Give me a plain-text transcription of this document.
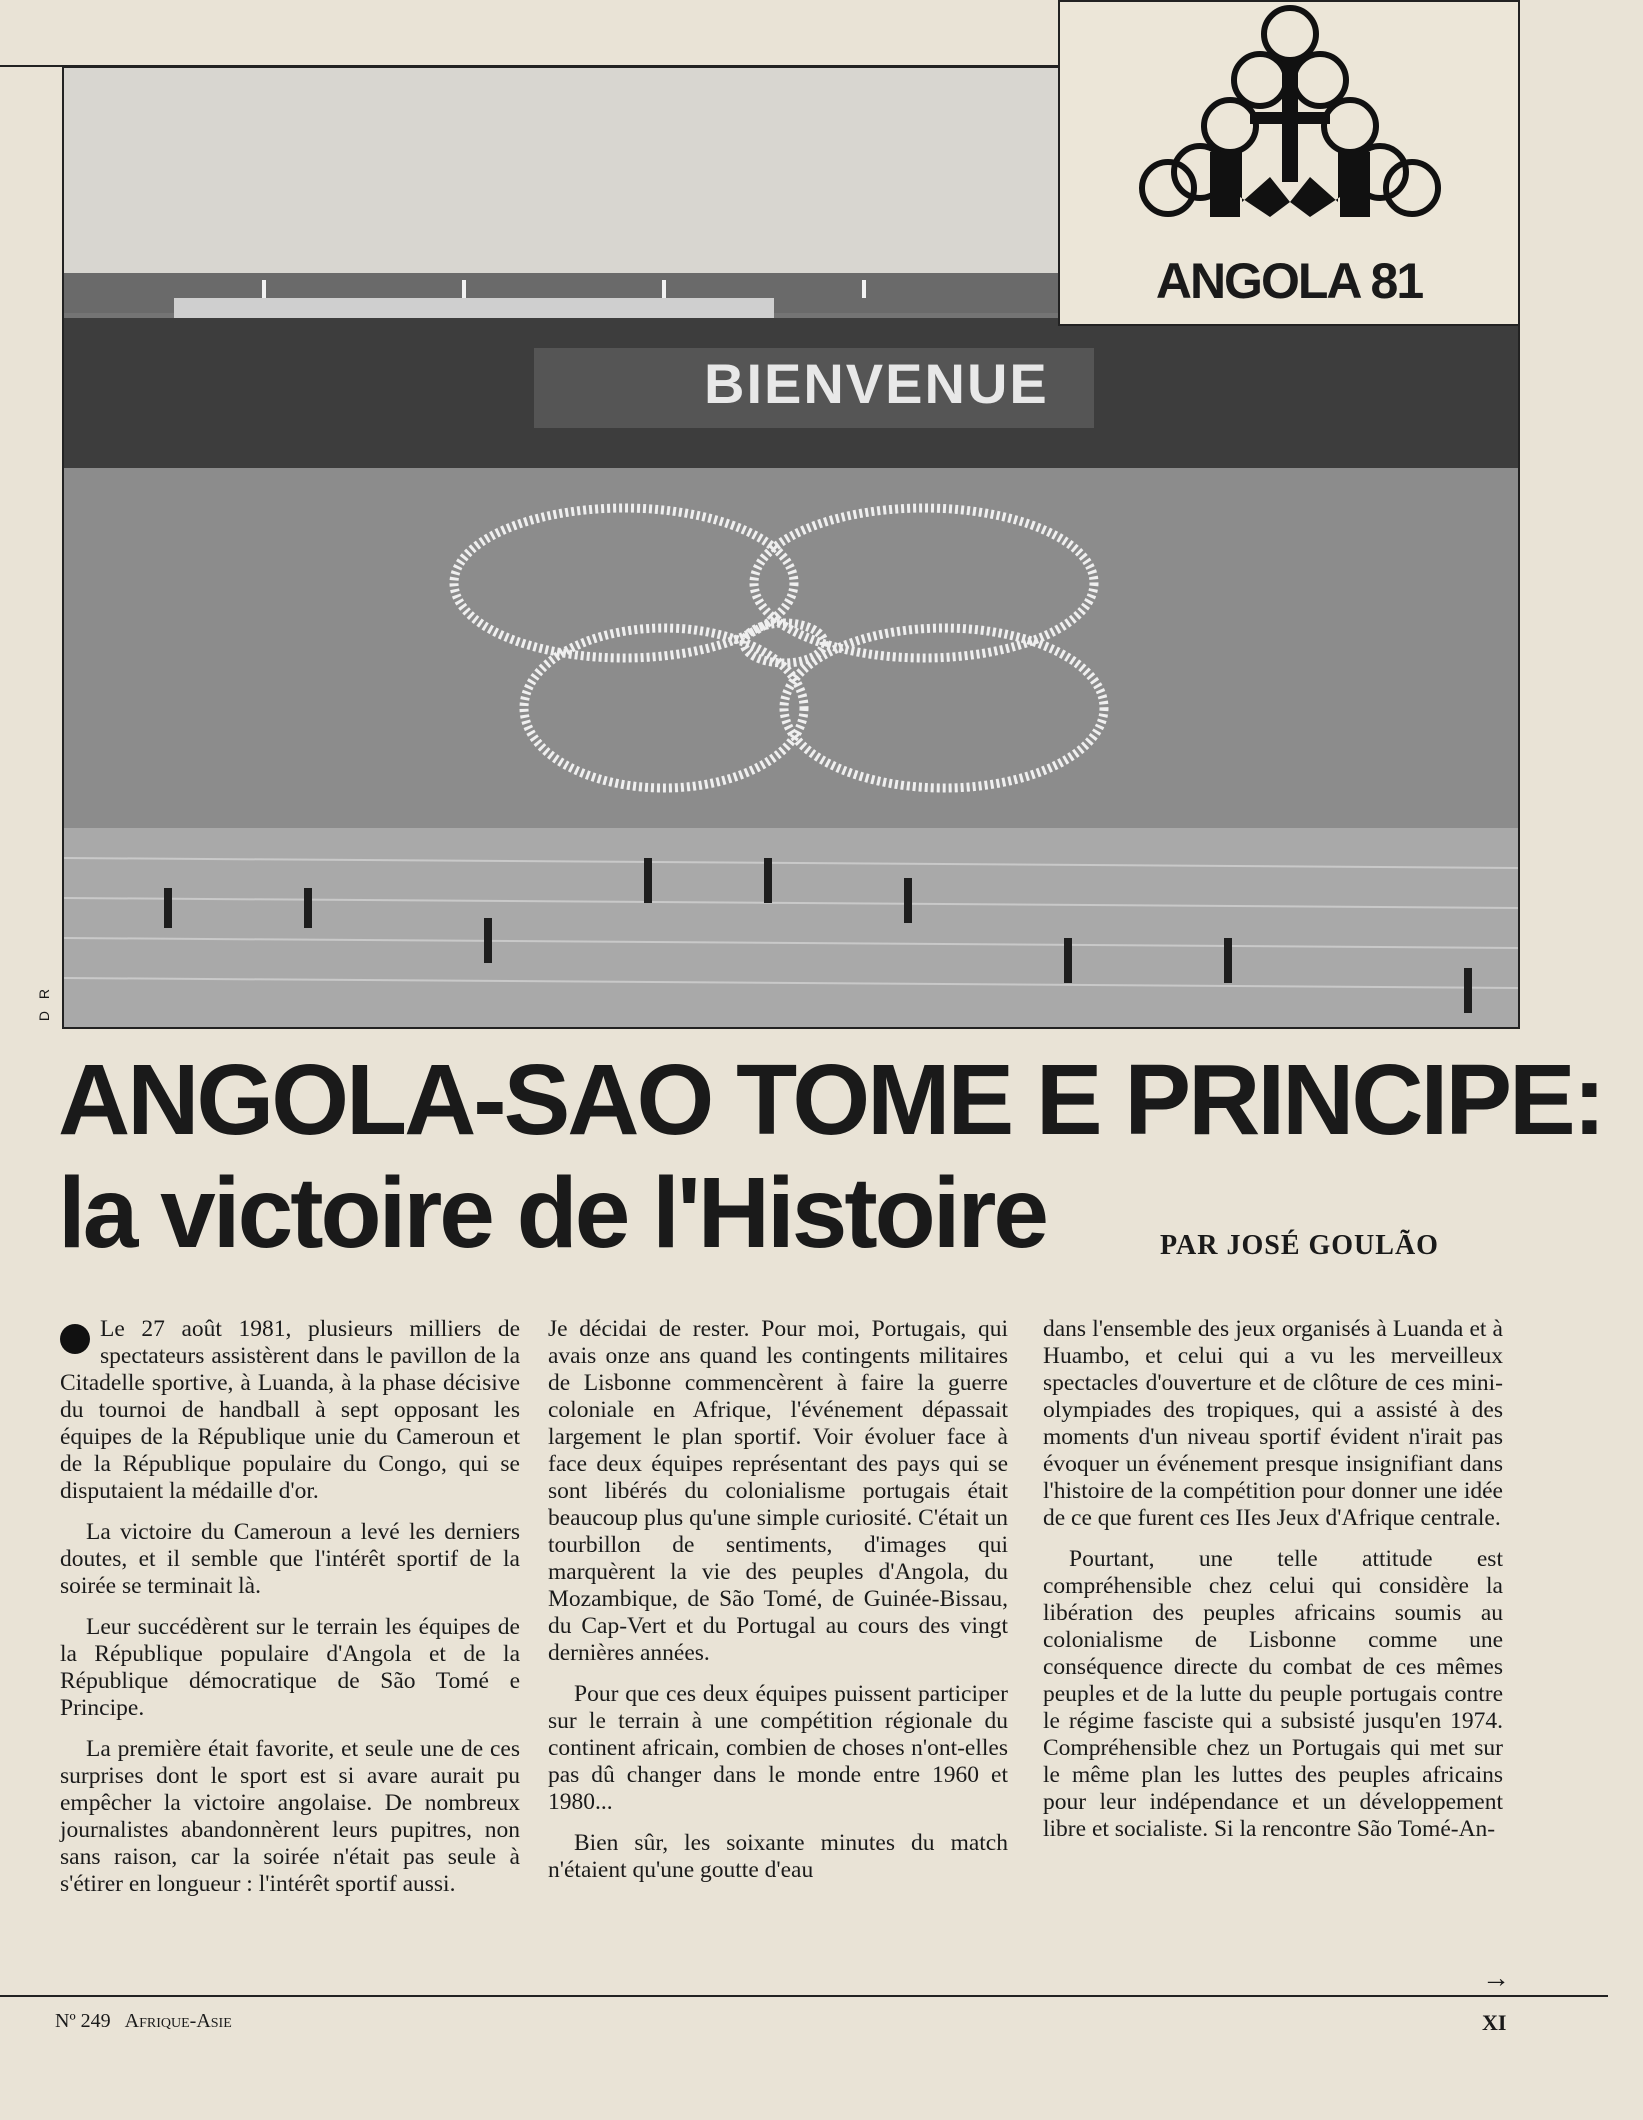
BIENVENUE
D R
ANGOLA 81
ANGOLA-SAO TOME E PRINCIPE:
la victoire de l'Histoire	PAR JOSÉ GOULÃO

Le 27 août 1981, plusieurs milliers de spectateurs assistèrent dans le pavillon de la Citadelle sportive, à Luanda, à la phase décisive du tournoi de handball à sept opposant les équipes de la République unie du Cameroun et de la République populaire du Congo, qui se disputaient la médaille d'or.

La victoire du Cameroun a levé les derniers doutes, et il semble que l'intérêt sportif de la soirée se terminait là.

Leur succédèrent sur le terrain les équipes de la République populaire d'Angola et de la République démocratique de São Tomé e Principe.

La première était favorite, et seule une de ces surprises dont le sport est si avare aurait pu empêcher la victoire angolaise. De nombreux journalistes abandonnèrent leurs pupitres, non sans raison, car la soirée n'était pas seule à s'étirer en longueur : l'intérêt sportif aussi.

Je décidai de rester. Pour moi, Portugais, qui avais onze ans quand les contingents militaires de Lisbonne commencèrent à faire la guerre coloniale en Afrique, l'événement dépassait largement le plan sportif. Voir évoluer face à face deux équipes représentant des pays qui se sont libérés du colonialisme portugais était beaucoup plus qu'une simple curiosité. C'était un tourbillon de sentiments, d'images qui marquèrent la vie des peuples d'Angola, du Mozambique, de São Tomé, de Guinée-Bissau, du Cap-Vert et du Portugal au cours des vingt dernières années.

Pour que ces deux équipes puissent participer sur le terrain à une compétition régionale du continent africain, combien de choses n'ont-elles pas dû changer dans le monde entre 1960 et 1980...

Bien sûr, les soixante minutes du match n'étaient qu'une goutte d'eau

dans l'ensemble des jeux organisés à Luanda et à Huambo, et celui qui a vu les merveilleux spectacles d'ouverture et de clôture de ces mini-olympiades des tropiques, qui a assisté à des moments d'un niveau sportif évident n'irait pas évoquer un événement presque insignifiant dans l'histoire de la compétition pour donner une idée de ce que furent ces IIes Jeux d'Afrique centrale.

Pourtant, une telle attitude est compréhensible chez celui qui considère la libération des peuples africains soumis au colonialisme de Lisbonne comme une conséquence directe du combat de ces mêmes peuples et de la lutte du peuple portugais contre le régime fasciste qui a subsisté jusqu'en 1974. Compréhensible chez un Portugais qui met sur le même plan les luttes des peuples africains pour leur indépendance et un développement libre et socialiste. Si la rencontre São Tomé-An-

→
Nº 249 Afrique-Asie	XI
